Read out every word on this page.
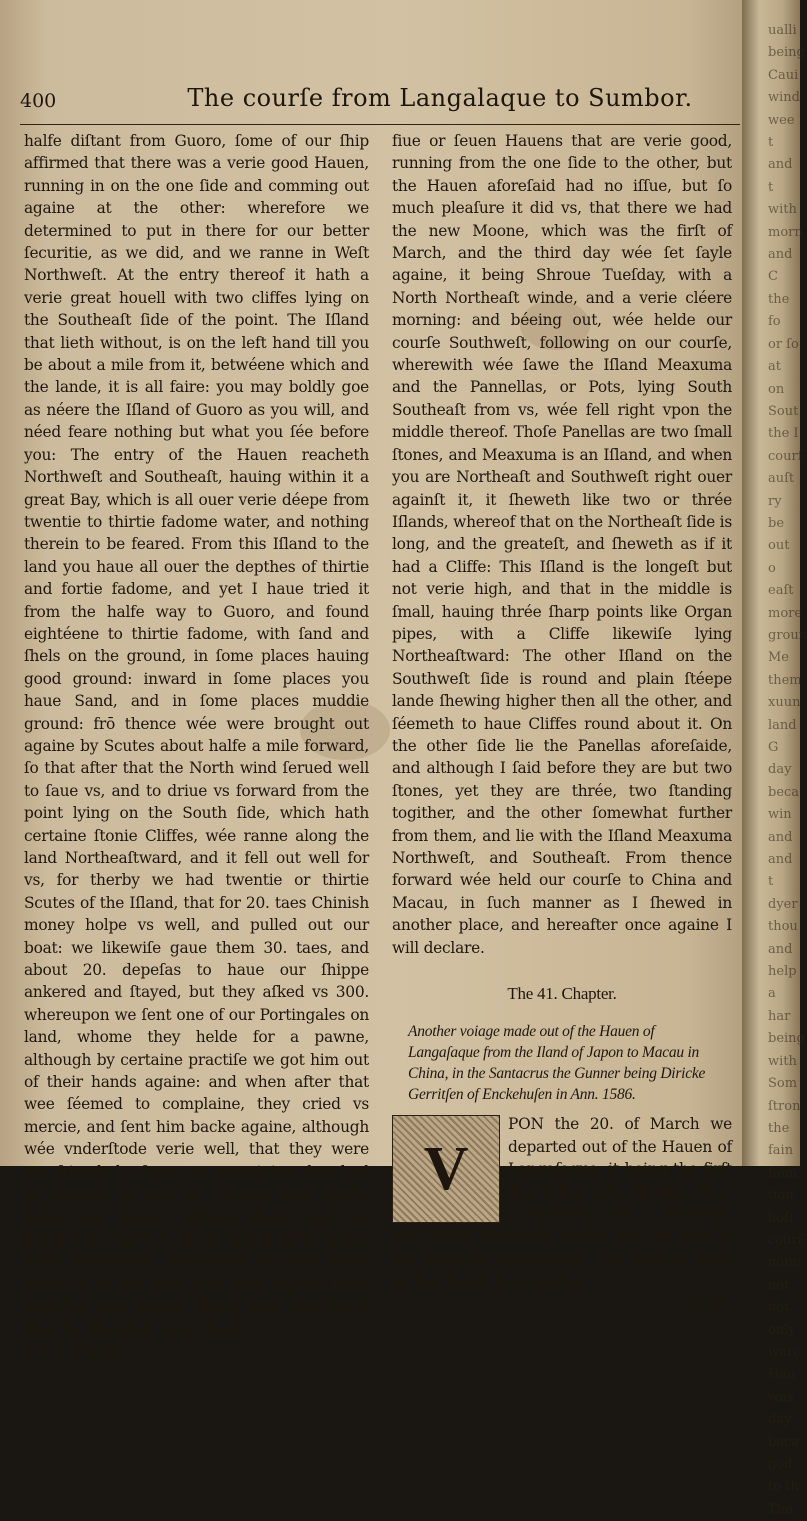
400	The courſe from Langalaque to Sumbor.

halfe diſtant from Guoro, ſome of our ſhip affirmed that there was a verie good Hauen, running in on the one ſide and comming out againe at the other: wherefore we determined to put in there for our better ſecuritie, as we did, and we ranne in Weſt Northweſt. At the entry thereof it hath a verie great houell with two cliffes lying on the Southeaſt ſide of the point. The Iſland that lieth without, is on the left hand till you be about a mile from it, betwéene which and the lande, it is all faire: you may boldly goe as néere the Iſland of Guoro as you will, and néed feare nothing but what you ſée before you: The entry of the Hauen reacheth Northweſt and Southeaſt, hauing within it a great Bay, which is all ouer verie déepe from twentie to thirtie fadome water, and nothing therein to be feared. From this Iſland to the land you haue all ouer the depthes of thirtie and fortie fadome, and yet I haue tried it from the halfe way to Guoro, and found eightéene to thirtie fadome, with ſand and ſhels on the ground, in ſome places hauing good ground: inward in ſome places you haue Sand, and in ſome places muddie ground: frō thence wée were brought out againe by Scutes about halfe a mile forward, ſo that after that the North wind ſerued well to ſaue vs, and to driue vs forward from the point lying on the South ſide, which hath certaine ſtonie Cliffes, wée ranne along the land Northeaſtward, and it fell out well for vs, for therby we had twentie or thirtie Scutes of the Iſland, that for 20. taes Chinish money holpe vs well, and pulled out our boat: we likewiſe gaue them 30. taes, and about 20. depeſas to haue our ſhippe ankered and ſtayed, but they aſked vs 300. whereupon we ſent one of our Portingales on land, whome they helde for a pawne, although by certaine practiſe we got him out of their hands againe: and when after that wee ſéemed to complaine, they cried vs mercie, and ſent him backe againe, although wée vnderſtode verie well, that they were our friends by force, as perceiuing they had no meanes to hurt vs, becauſe wee coulde helpe our ſelues without them: but we marked ſo much in them, that if they coulde haue hindered vs, they would not haue failed to doe it, or elſe wée muſt haue ſtopped their mouthes with money. There wée vnderſtood that the Iſland of Guoro hath

The 3. Booke.

fiue or ſeuen Hauens that are verie good, running from the one ſide to the other, but the Hauen aforeſaid had no iſſue, but ſo much pleaſure it did vs, that there we had the new Moone, which was the firſt of March, and the third day wée ſet ſayle againe, it being Shroue Tueſday, with a North Northeaſt winde, and a verie cléere morning: and béeing out, wée helde our courſe Southweſt, following on our courſe, wherewith wée ſawe the Iſland Meaxuma and the Pannellas, or Pots, lying South Southeaſt from vs, wée fell right vpon the middle thereof. Thoſe Panellas are two ſmall ſtones, and Meaxuma is an Iſland, and when you are Northeaſt and Southweſt right ouer againſt it, it ſheweth like two or thrée Iſlands, whereof that on the Northeaſt ſide is long, and the greateſt, and ſheweth as if it had a Cliffe: This Iſland is the longeſt but not verie high, and that in the middle is ſmall, hauing thrée ſharp points like Organ pipes, with a Cliffe likewiſe lying Northeaſtward: The other Iſland on the Southweſt ſide is round and plain ſtéepe lande ſhewing higher then all the other, and ſéemeth to haue Cliffes round about it. On the other ſide lie the Panellas aforeſaide, and although I ſaid before they are but two ſtones, yet they are thrée, two ſtanding togither, and the other ſomewhat further from them, and lie with the Iſland Meaxuma Northweſt, and Southeaſt. From thence forward wée held our courſe to China and Macau, in ſuch manner as I ſhewed in another place, and hereafter once againe I will declare.

The 41. Chapter.
Another voiage made out of the Hauen of Langaſaque from the Iland of Japon to Macau in China, in the Santacrus the Gunner being Diricke Gerritſen of Enckehuſen in Ann. 1586.
V

PON the 20. of March we departed out of the Hauen of Langaſaque, it being the firſt day of the newe Moone, vpon a Thurſday with a northeaſt and North Northeaſt winde, and by nine of the clocke in the morning, wée were as farre as the Iſland dos Cauallos

uallos
ualli
being
Caui
wind
wee t
and t
with
morn
and C
the fo
or ſo
at on
Sout
the I
courſ
auſt
ry be
out o
eaſt
more
groun
Me
them
xuun
land
G
day
beca
win
and
and t
dyer
thou
and
help
a har
being
with
Som
ſtron
the
fain
foun
tion
hoſt
courſ
none
not
not
only
were
Hau
was
day
beca
god
to th
The
